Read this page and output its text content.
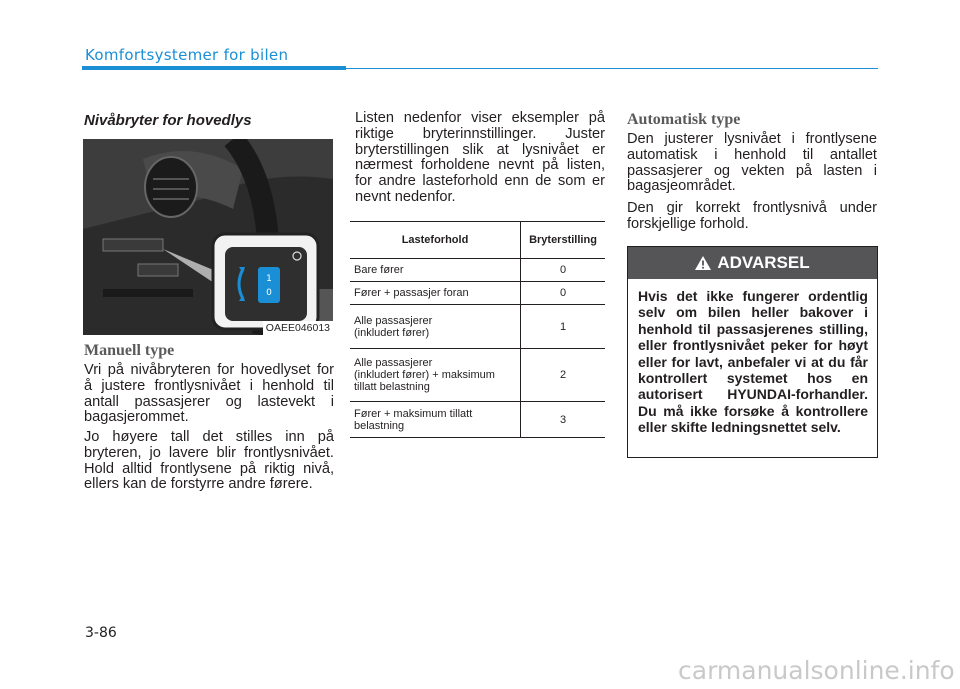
Komfortsystemer for bilen
Nivåbryter for hovedlys
1
0
OAEE046013
Manuell type

Vri på nivåbryteren for hovedlyset for å justere frontlysnivået i henhold til antall passasjerer og lastevekt i bagasjerommet.

Jo høyere tall det stilles inn på bryteren, jo lavere blir frontlysnivået. Hold alltid frontlysene på riktig nivå, ellers kan de forstyrre andre førere.

Listen nedenfor viser eksempler på riktige bryterinnstillinger. Juster bryterstillingen slik at lysnivået er nærmest forholdene nevnt på listen, for andre lasteforhold enn de som er nevnt nedenfor.

Lasteforhold	Bryterstilling
Bare fører	0
Fører + passasjer foran	0
Alle passasjerer
(inkludert fører)	1
Alle passasjerer
(inkludert fører) + maksimum
tillatt belastning	2
Fører + maksimum tillatt
belastning	3
Automatisk type

Den justerer lysnivået i frontlysene automatisk i henhold til antallet passasjerer og vekten på lasten i bagasjeområdet.

Den gir korrekt frontlysnivå under forskjellige forhold.

ADVARSEL
Hvis det ikke fungerer ordentlig selv om bilen heller bakover i henhold til passasjerenes stilling, eller frontlysnivået peker for høyt eller for lavt, anbefaler vi at du får kontrollert systemet hos en autorisert HYUNDAI-forhandler. Du må ikke forsøke å kontrollere eller skifte ledningsnettet selv.
3-86
carmanualsonline.info
